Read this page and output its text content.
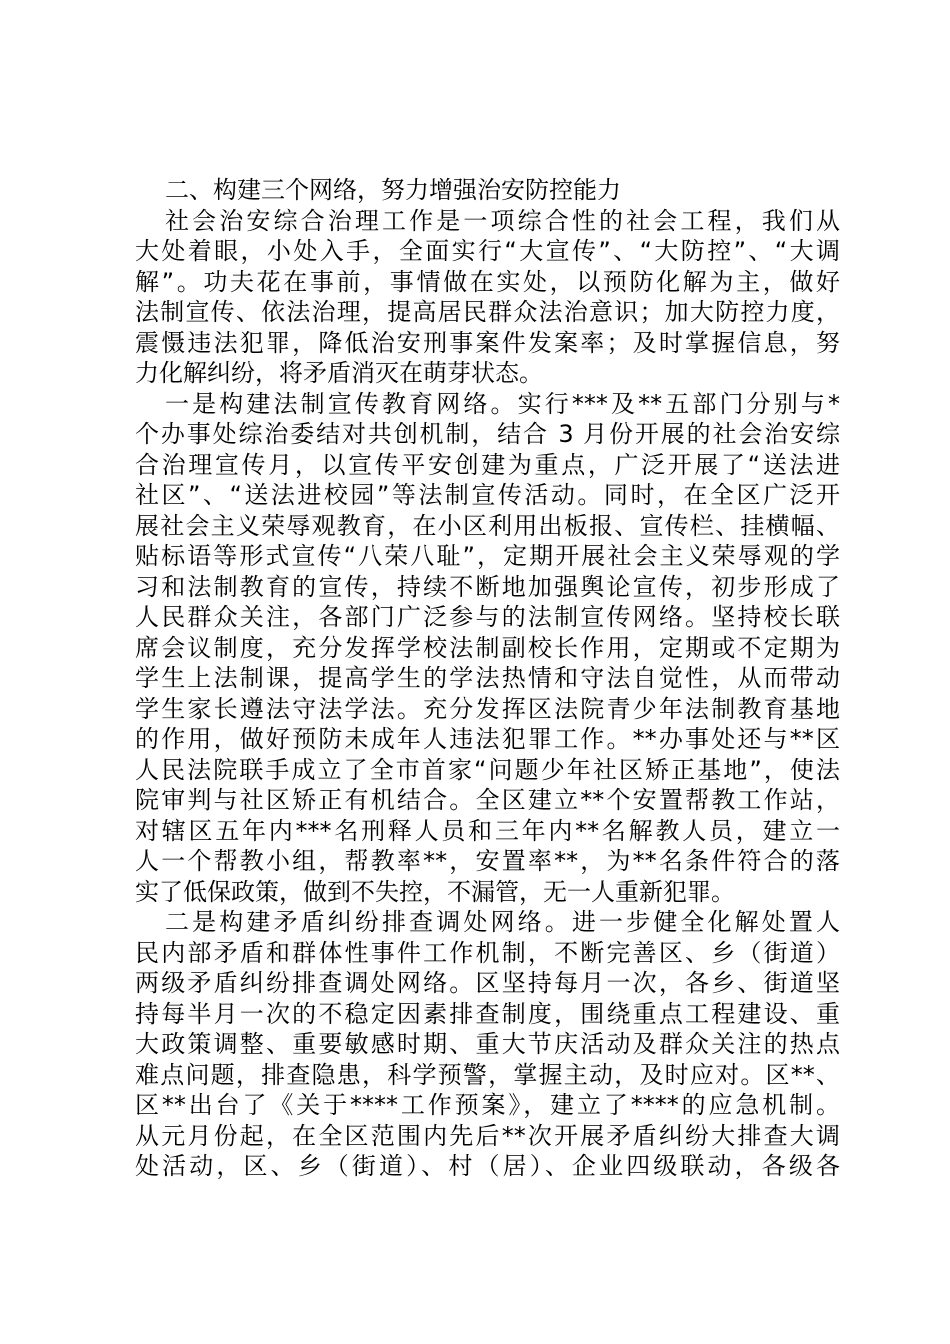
二、构建三个网络，努力增强治安防控能力
社会治安综合治理工作是一项综合性的社会工程，我们从
大处着眼，小处入手，全面实行“大宣传”、“大防控”、“大调
解”。功夫花在事前，事情做在实处，以预防化解为主，做好
法制宣传、依法治理，提高居民群众法治意识；加大防控力度，
震慑违法犯罪，降低治安刑事案件发案率；及时掌握信息，努
力化解纠纷，将矛盾消灭在萌芽状态。
一是构建法制宣传教育网络。实行***及**五部门分别与*
个办事处综治委结对共创机制，结合 3 月份开展的社会治安综
合治理宣传月，以宣传平安创建为重点，广泛开展了“送法进
社区”、“送法进校园”等法制宣传活动。同时，在全区广泛开
展社会主义荣辱观教育，在小区利用出板报、宣传栏、挂横幅、
贴标语等形式宣传“八荣八耻”，定期开展社会主义荣辱观的学
习和法制教育的宣传，持续不断地加强舆论宣传，初步形成了
人民群众关注，各部门广泛参与的法制宣传网络。坚持校长联
席会议制度，充分发挥学校法制副校长作用，定期或不定期为
学生上法制课，提高学生的学法热情和守法自觉性，从而带动
学生家长遵法守法学法。充分发挥区法院青少年法制教育基地
的作用，做好预防未成年人违法犯罪工作。**办事处还与**区
人民法院联手成立了全市首家“问题少年社区矫正基地”，使法
院审判与社区矫正有机结合。全区建立**个安置帮教工作站，
对辖区五年内***名刑释人员和三年内**名解教人员，建立一
人一个帮教小组，帮教率**，安置率**，为**名条件符合的落
实了低保政策，做到不失控，不漏管，无一人重新犯罪。
二是构建矛盾纠纷排查调处网络。进一步健全化解处置人
民内部矛盾和群体性事件工作机制，不断完善区、乡（街道）
两级矛盾纠纷排查调处网络。区坚持每月一次，各乡、街道坚
持每半月一次的不稳定因素排查制度，围绕重点工程建设、重
大政策调整、重要敏感时期、重大节庆活动及群众关注的热点
难点问题，排查隐患，科学预警，掌握主动，及时应对。区**、
区**出台了《关于****工作预案》，建立了****的应急机制。
从元月份起，在全区范围内先后**次开展矛盾纠纷大排查大调
处活动，区、乡（街道）、村（居）、企业四级联动，各级各
